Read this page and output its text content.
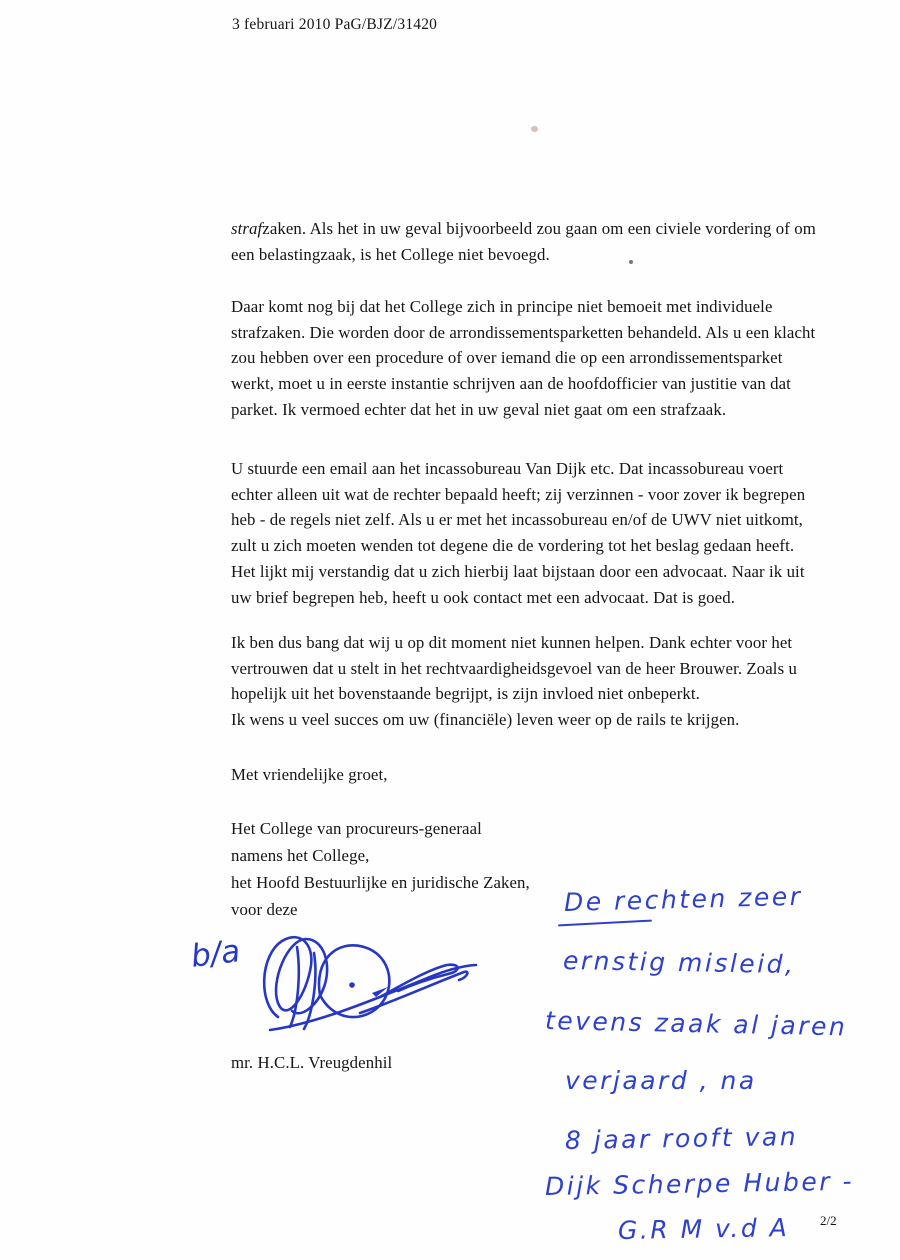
3 februari 2010 PaG/BJZ/31420
strafzaken. Als het in uw geval bijvoorbeeld zou gaan om een civiele vordering of om
een belastingzaak, is het College niet bevoegd.
Daar komt nog bij dat het College zich in principe niet bemoeit met individuele
strafzaken. Die worden door de arrondissementsparketten behandeld. Als u een klacht
zou hebben over een procedure of over iemand die op een arrondissementsparket
werkt, moet u in eerste instantie schrijven aan de hoofdofficier van justitie van dat
parket. Ik vermoed echter dat het in uw geval niet gaat om een strafzaak.
U stuurde een email aan het incassobureau Van Dijk etc. Dat incassobureau voert
echter alleen uit wat de rechter bepaald heeft; zij verzinnen - voor zover ik begrepen
heb - de regels niet zelf. Als u er met het incassobureau en/of de UWV niet uitkomt,
zult u zich moeten wenden tot degene die de vordering tot het beslag gedaan heeft.
Het lijkt mij verstandig dat u zich hierbij laat bijstaan door een advocaat. Naar ik uit
uw brief begrepen heb, heeft u ook contact met een advocaat. Dat is goed.
Ik ben dus bang dat wij u op dit moment niet kunnen helpen. Dank echter voor het
vertrouwen dat u stelt in het rechtvaardigheidsgevoel van de heer Brouwer. Zoals u
hopelijk uit het bovenstaande begrijpt, is zijn invloed niet onbeperkt.
Ik wens u veel succes om uw (financiële) leven weer op de rails te krijgen.
Met vriendelijke groet,
Het College van procureurs-generaal
namens het College,
het Hoofd Bestuurlijke en juridische Zaken,
voor deze
b/a
mr. H.C.L. Vreugdenhil
De rechten zeer
ernstig misleid,
tevens zaak al jaren
verjaard , na
8 jaar rooft van
Dijk Scherpe Huber -
G.R M v.d A 2/2
